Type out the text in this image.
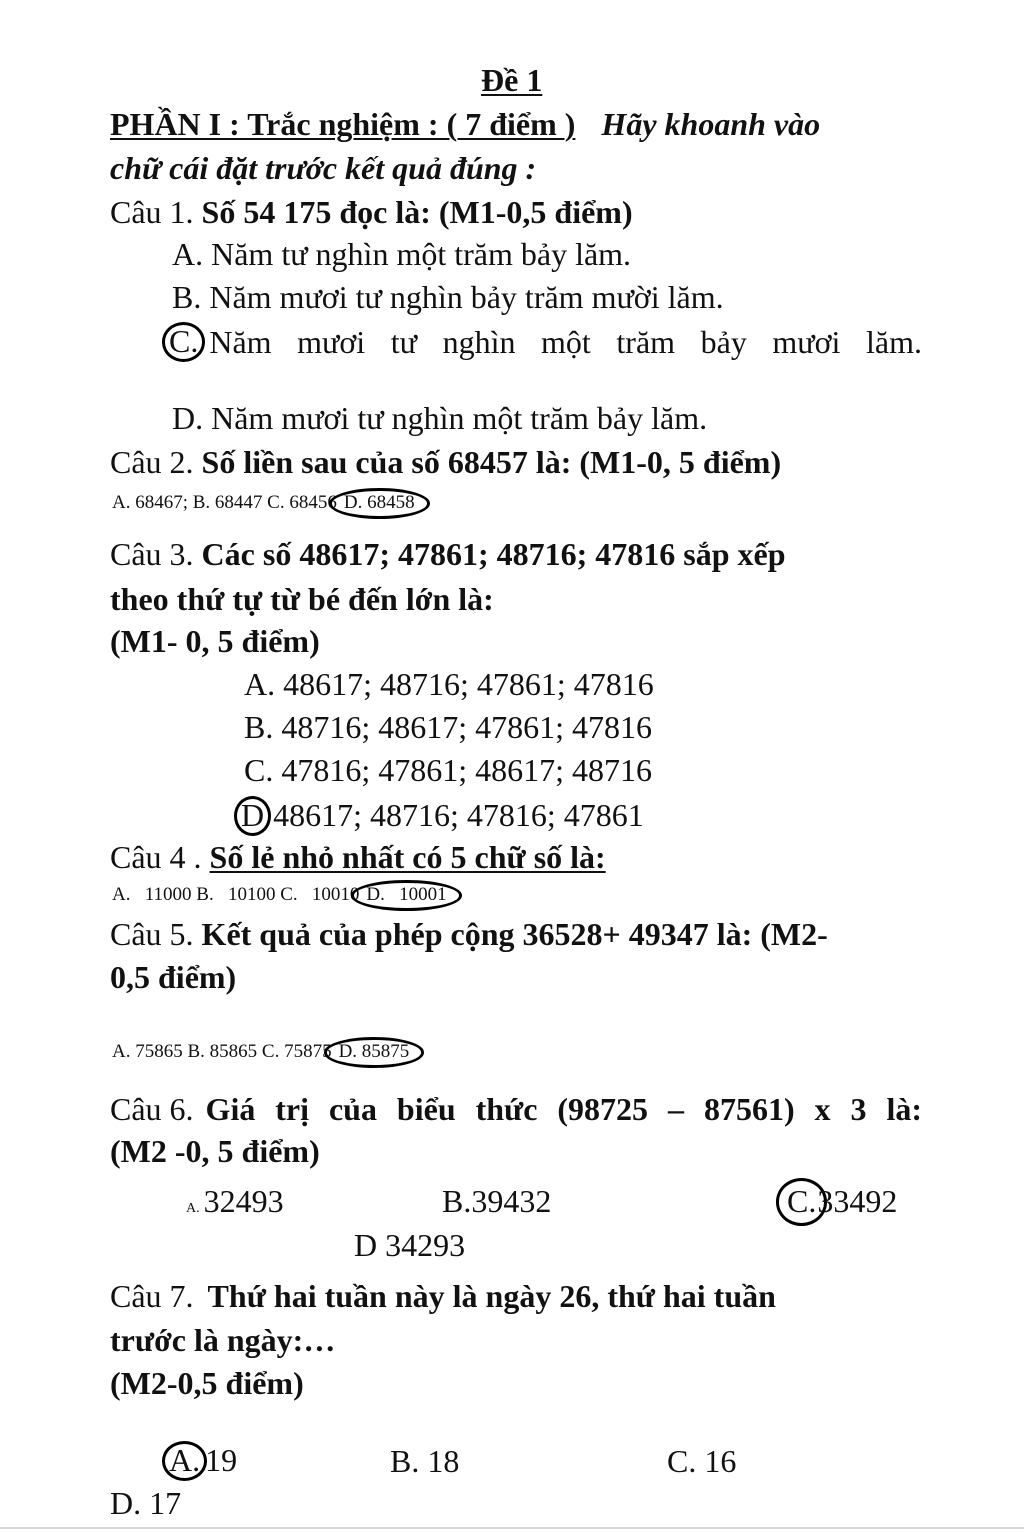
Đề 1
PHẦN I : Trắc nghiệm : ( 7 điểm ) Hãy khoanh vào
chữ cái đặt trước kết quả đúng :
Câu 1. Số 54 175 đọc là: (M1-0,5 điểm)
A. Năm tư nghìn một trăm bảy lăm.
B. Năm mươi tư nghìn bảy trăm mười lăm.
C. Năm mươi tư nghìn một trăm bảy mươi lăm.
D. Năm mươi tư nghìn một trăm bảy lăm.
Câu 2. Số liền sau của số 68457 là: (M1-0, 5 điểm)
A. 68467; B. 68447 C. 68456 D. 68458
Câu 3. Các số 48617; 47861; 48716; 47816 sắp xếp
theo thứ tự từ bé đến lớn là:
(M1- 0, 5 điểm)
A. 48617; 48716; 47861; 47816
B. 48716; 48617; 47861; 47816
C. 47816; 47861; 48617; 48716
D 48617; 48716; 47816; 47861
Câu 4 . Số lẻ nhỏ nhất có 5 chữ số là:
A.   11000 B.   10100 C.   10010 D.   10001
Câu 5. Kết quả của phép cộng 36528+ 49347 là: (M2-
0,5 điểm)
A. 75865 B. 85865 C. 75875 D. 85875
Câu 6. Giá trị của biểu thức (98725 – 87561) x 3 là:
(M2 -0, 5 điểm)
A. 32493	B.39432	C.33492
D 34293
Câu 7. Thứ hai tuần này là ngày 26, thứ hai tuần
trước là ngày:…
(M2-0,5 điểm)
A. 19	B. 18	C. 16
D. 17
